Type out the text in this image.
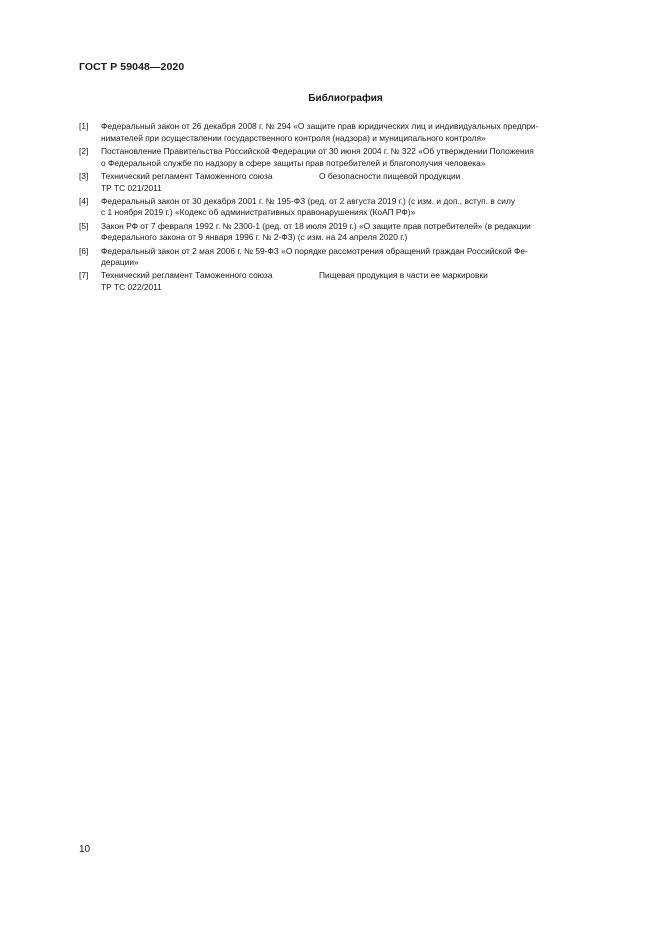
ГОСТ Р 59048—2020
Библиография
[1]	Федеральный закон от 26 декабря 2008 г. № 294 «О защите прав юридических лиц и индивидуальных предпри-
нимателей при осуществлении государственного контроля (надзора) и муниципального контроля»
[2]	Постановление Правительства Российской Федерации от 30 июня 2004 г. № 322 «Об утверждении Положения
о Федеральной службе по надзору в сфере защиты прав потребителей и благополучия человека»
[3]	Технический регламент Таможенного союза	О безопасности пищевой продукции
ТР ТС 021/2011
[4]	Федеральный закон от 30 декабря 2001 г. № 195-ФЗ (ред. от 2 августа 2019 г.) (с изм. и доп., вступ. в силу
с 1 ноября 2019 г.) «Кодекс об административных правонарушениях (КоАП РФ)»
[5]	Закон РФ от 7 февраля 1992 г. № 2300-1 (ред. от 18 июля 2019 г.) «О защите прав потребителей» (в редакции
Федерального закона от 9 января 1996 г. № 2-ФЗ) (с изм. на 24 апреля 2020 г.)
[6]	Федеральный закон от 2 мая 2006 г. № 59-ФЗ «О порядке рассмотрения обращений граждан Российской Фе-
дерации»
[7]	Технический регламент Таможенного союза	Пищевая продукция в части ее маркировки
ТР ТС 022/2011
10
